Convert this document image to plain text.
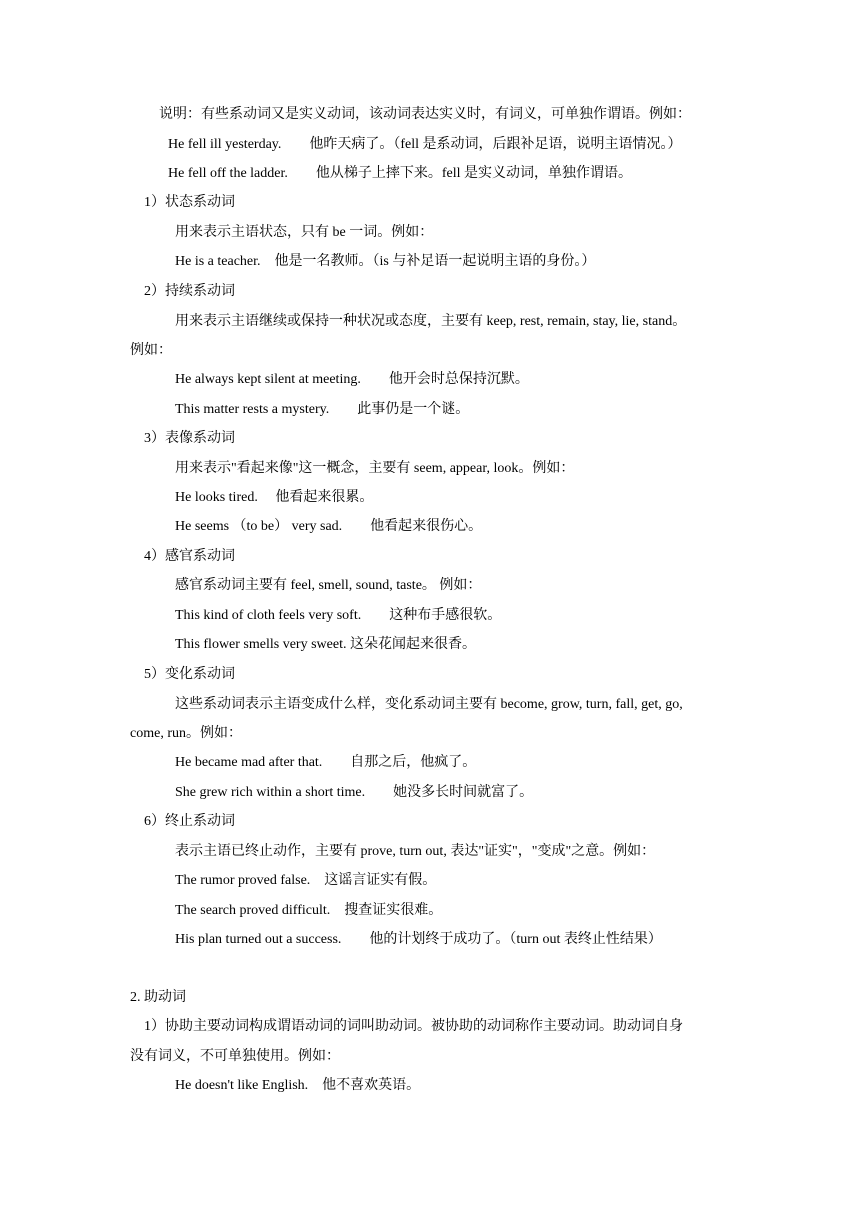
说明：有些系动词又是实义动词，该动词表达实义时，有词义，可单独作谓语。例如：
He fell ill yesterday.　　他昨天病了。（fell 是系动词，后跟补足语，说明主语情况。）
He fell off the ladder.　　他从梯子上摔下来。fell 是实义动词，单独作谓语。
1）状态系动词
用来表示主语状态，只有 be 一词。例如：
He is a teacher.　他是一名教师。（is 与补足语一起说明主语的身份。）
2）持续系动词
用来表示主语继续或保持一种状况或态度，主要有 keep, rest, remain, stay, lie, stand。
例如：
He always kept silent at meeting.　　他开会时总保持沉默。
This matter rests a mystery.　　此事仍是一个谜。
3）表像系动词
用来表示"看起来像"这一概念，主要有 seem, appear, look。例如：
He looks tired.　 他看起来很累。
He seems （to be） very sad.　　他看起来很伤心。
4）感官系动词
感官系动词主要有 feel, smell, sound, taste。 例如：
This kind of cloth feels very soft.　　这种布手感很软。
This flower smells very sweet. 这朵花闻起来很香。
5）变化系动词
这些系动词表示主语变成什么样，变化系动词主要有 become, grow, turn, fall, get, go,
come, run。例如：
He became mad after that.　　自那之后，他疯了。
She grew rich within a short time.　　她没多长时间就富了。
6）终止系动词
表示主语已终止动作，主要有 prove, turn out, 表达"证实"，"变成"之意。例如：
The rumor proved false.　这谣言证实有假。
The search proved difficult.　搜查证实很难。
His plan turned out a success.　　他的计划终于成功了。（turn out 表终止性结果）
2. 助动词
1）协助主要动词构成谓语动词的词叫助动词。被协助的动词称作主要动词。助动词自身
没有词义，不可单独使用。例如：
He doesn't like English.　他不喜欢英语。
